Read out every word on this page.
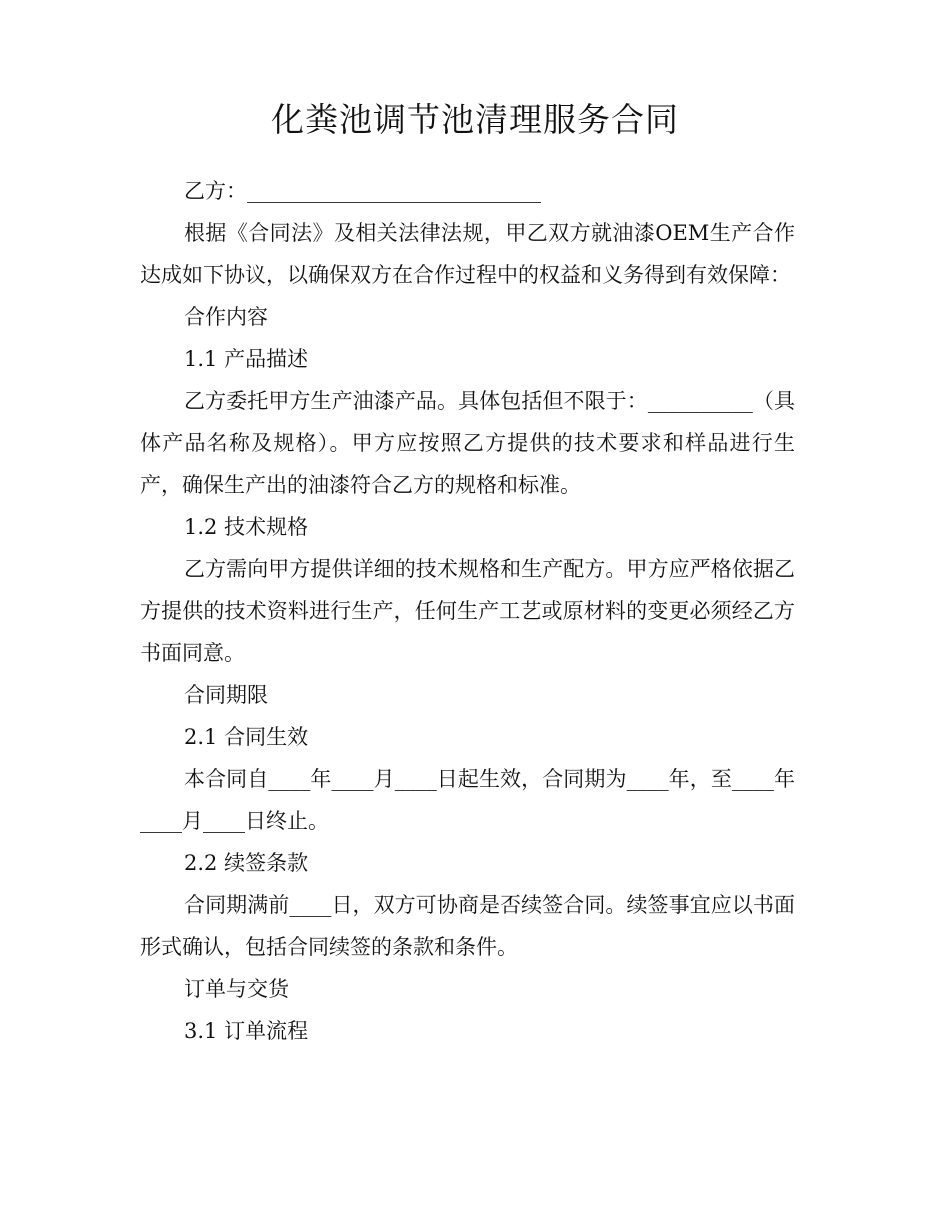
化粪池调节池清理服务合同

乙方：____________________________

根据《合同法》及相关法律法规，甲乙双方就油漆OEM生产合作达成如下协议，以确保双方在合作过程中的权益和义务得到有效保障：

合作内容

1.1 产品描述

乙方委托甲方生产油漆产品。具体包括但不限于：__________（具体产品名称及规格）。甲方应按照乙方提供的技术要求和样品进行生产，确保生产出的油漆符合乙方的规格和标准。

1.2 技术规格

乙方需向甲方提供详细的技术规格和生产配方。甲方应严格依据乙方提供的技术资料进行生产，任何生产工艺或原材料的变更必须经乙方书面同意。

合同期限

2.1 合同生效

本合同自____年____月____日起生效，合同期为____年，至____年____月____日终止。

2.2 续签条款

合同期满前____日，双方可协商是否续签合同。续签事宜应以书面形式确认，包括合同续签的条款和条件。

订单与交货

3.1 订单流程
